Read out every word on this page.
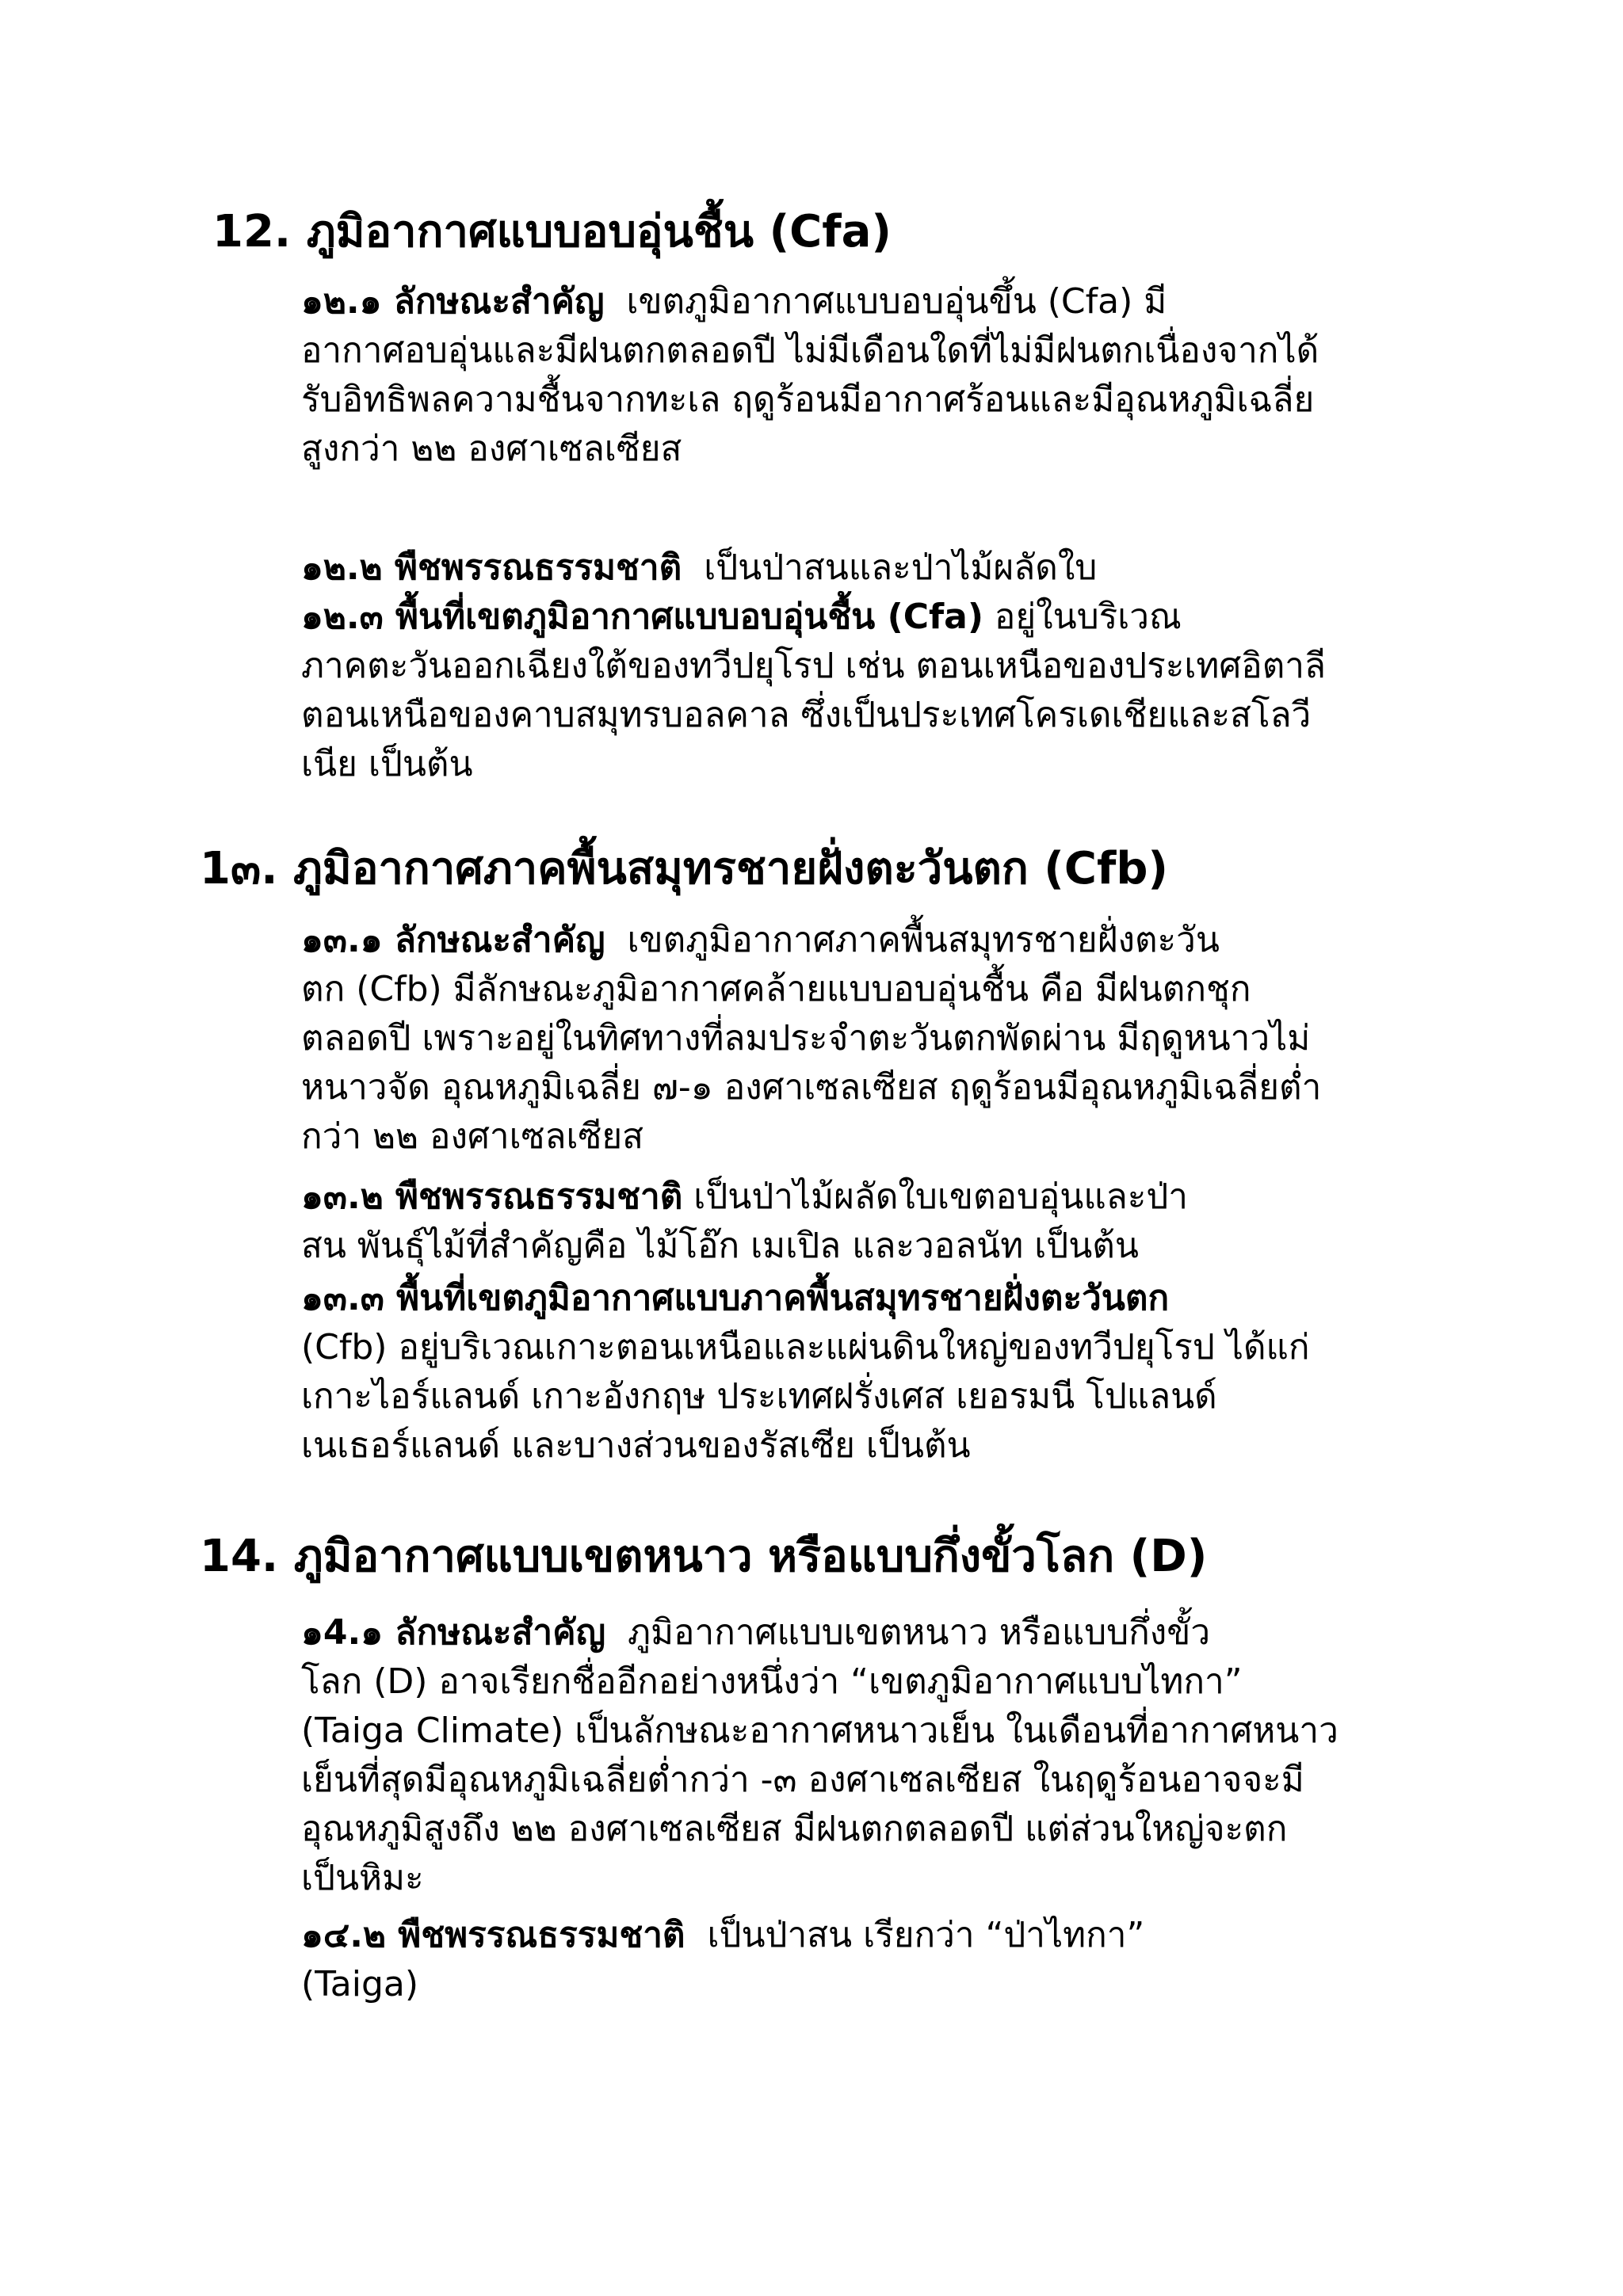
12. ภูมิอากาศแบบอบอุ่นชื้น (Cfa)
๑๒.๑ ลักษณะสำคัญ เขตภูมิอากาศแบบอบอุ่นขึ้น (Cfa) มี
อากาศอบอุ่นและมีฝนตกตลอดปี ไม่มีเดือนใดที่ไม่มีฝนตกเนื่องจากได้
รับอิทธิพลความชื้นจากทะเล ฤดูร้อนมีอากาศร้อนและมีอุณหภูมิเฉลี่ย
สูงกว่า ๒๒ องศาเซลเซียส
๑๒.๒ พืชพรรณธรรมชาติ เป็นป่าสนและป่าไม้ผลัดใบ
๑๒.๓ พื้นที่เขตภูมิอากาศแบบอบอุ่นชื้น (Cfa) อยู่ในบริเวณ
ภาคตะวันออกเฉียงใต้ของทวีปยุโรป เช่น ตอนเหนือของประเทศอิตาลี
ตอนเหนือของคาบสมุทรบอลคาล ซึ่งเป็นประเทศโครเดเชียและสโลวี
เนีย เป็นต้น
1๓. ภูมิอากาศภาคพื้นสมุทรชายฝั่งตะวันตก (Cfb)
๑๓.๑ ลักษณะสำคัญ เขตภูมิอากาศภาคพื้นสมุทรชายฝั่งตะวัน
ตก (Cfb) มีลักษณะภูมิอากาศคล้ายแบบอบอุ่นชื้น คือ มีฝนตกชุก
ตลอดปี เพราะอยู่ในทิศทางที่ลมประจำตะวันตกพัดผ่าน มีฤดูหนาวไม่
หนาวจัด อุณหภูมิเฉลี่ย ๗-๑ องศาเซลเซียส ฤดูร้อนมีอุณหภูมิเฉลี่ยต่ำ
กว่า ๒๒ องศาเซลเซียส
๑๓.๒ พืชพรรณธรรมชาติ เป็นป่าไม้ผลัดใบเขตอบอุ่นและป่า
สน พันธุ์ไม้ที่สำคัญคือ ไม้โอ๊ก เมเปิล และวอลนัท เป็นต้น
๑๓.๓ พื้นที่เขตภูมิอากาศแบบภาคพื้นสมุทรชายฝั่งตะวันตก
(Cfb) อยู่บริเวณเกาะตอนเหนือและแผ่นดินใหญ่ของทวีปยุโรป ได้แก่
เกาะไอร์แลนด์ เกาะอังกฤษ ประเทศฝรั่งเศส เยอรมนี โปแลนด์
เนเธอร์แลนด์ และบางส่วนของรัสเซีย เป็นต้น
14. ภูมิอากาศแบบเขตหนาว หรือแบบกึ่งขั้วโลก (D)
๑4.๑ ลักษณะสำคัญ ภูมิอากาศแบบเขตหนาว หรือแบบกึ่งขั้ว
โลก (D) อาจเรียกชื่ออีกอย่างหนึ่งว่า “เขตภูมิอากาศแบบไทกา”
(Taiga Climate) เป็นลักษณะอากาศหนาวเย็น ในเดือนที่อากาศหนาว
เย็นที่สุดมีอุณหภูมิเฉลี่ยต่ำกว่า -๓ องศาเซลเซียส ในฤดูร้อนอาจจะมี
อุณหภูมิสูงถึง ๒๒ องศาเซลเซียส มีฝนตกตลอดปี แต่ส่วนใหญ่จะตก
เป็นหิมะ
๑๔.๒ พืชพรรณธรรมชาติ เป็นป่าสน เรียกว่า “ป่าไทกา”
(Taiga)
